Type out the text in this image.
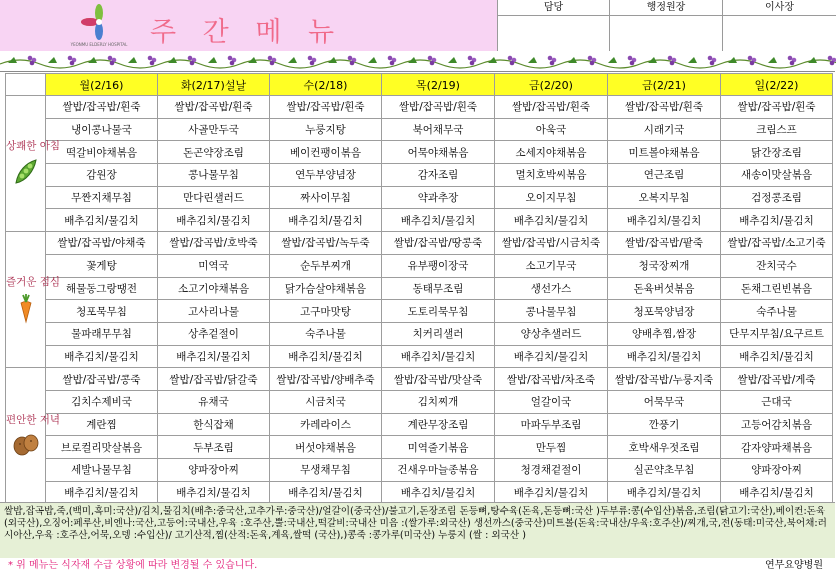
YEONMU ELDERLY HOSPITAL 주 간 메 뉴
담당	행정원장	이사장
	월(2/16)	화(2/17)설날	수(2/18)	목(2/19)	금(2/20)	금(2/21)	일(2/22)

상쾌한 아침	쌀밥/잡곡밥/흰죽	쌀밥/잡곡밥/흰죽	쌀밥/잡곡밥/흰죽	쌀밥/잡곡밥/흰죽	쌀밥/잡곡밥/흰죽	쌀밥/잡곡밥/흰죽	쌀밥/잡곡밥/흰죽
	냉이콩나물국	사골만두국	누룽지탕	북어채무국	아욱국	시래기국	크림스프
	떡갈비야채볶음	돈곤약장조림	베이컨팽이볶음	어묵야채볶음	소세지야채볶음	미트볼야채볶음	닭간장조림
	감원장	콩나물무침	연두부양념장	감자조림	멸치호박씨볶음	연근조림	새송이맛살볶음
	무짠지채무침	만다린샐러드	짜사이무침	약과추장	오이지무침	오복지무침	검정콩조림
	배추김치/물김치	배추김치/물김치	배추김치/물김치	배추김치/물김치	배추김치/물김치	배추김치/물김치	배추김치/물김치

즐거운 점심	쌀밥/잡곡밥/야채죽	쌀밥/잡곡밥/호박죽	쌀밥/잡곡밥/녹두죽	쌀밥/잡곡밥/땅콩죽	쌀밥/잡곡밥/시금치죽	쌀밥/잡곡밥/팥죽	쌀밥/잡곡밥/소고기죽
	꽃게탕	미역국	순두부찌개	유부팽이장국	소고기무국	청국장찌개	잔치국수
	해물동그랑땡전	소고기야채볶음	닭가슴살야채볶음	동태무조림	생선가스	돈육버섯볶음	돈채그린빈볶음
	청포묵무침	고사리나물	고구마맛탕	도토리묵무침	콩나물무침	청포묵양념장	숙주나물
	물파래무무침	상추겉절이	숙주나물	치커리샐러	양상추샐러드	양배추찜,쌈장	단무지무침/요구르트
	배추김치/물김치	배추김치/물김치	배추김치/물김치	배추김치/물김치	배추김치/물김치	배추김치/물김치	배추김치/물김치

편안한 저녁	쌀밥/잡곡밥/콩죽	쌀밥/잡곡밥/닭갈죽	쌀밥/잡곡밥/양배추죽	쌀밥/잡곡밥/맛살죽	쌀밥/잡곡밥/차조죽	쌀밥/잡곡밥/누룽지죽	쌀밥/잡곡밥/게죽
	김치수제비국	유채국	시금치국	김치찌개	얼갈이국	어묵무국	근대국
	계란찜	한식잡채	카레라이스	계란무장조림	마파두부조림	깐풍기	고등어감치볶음
	브로컬리맛살볶음	두부조림	버섯야채볶음	미역줄기볶음	만두찜	호박새우젓조림	감자양파채볶음
	세발나물무침	양파장아찌	무생채무침	건새우마늘종볶음	청경채겉절이	실곤약초무침	양파장아찌
	배추김치/물김치	배추김치/물김치	배추김치/물김치	배추김치/물김치	배추김치/물김치	배추김치/물김치	배추김치/물김치
쌀밥,잡곡밥,죽,(백미,흑미:국산)/김치,물김치(배추:중국산,고추가루:중국산)/얼갈이(중국산)/불고기,돈장조림 돈등뼈,탕수육(돈육,돈등뼈:국산 )두부류:콩(수입산)볶음,조림(닭고기:국산),베이컨:돈육(외국산),오징어:페루산,비엔나:국산,고등어:국내산,우육 :호주산,뿔:국내산,떡갈비:국내산 미음 :(쌀가루:외국산) 생선까스(중국산)미트볼(돈육:국내산/우육:호주산)/찌개,국,전(동태:미국산,북어채:러시아산,우육 :호주산,어묵,오뎅 :수입산)/ 고기산적,찜(산적:돈육,계육,쌀떡 (국산),)콩죽 :콩가루(미국산) 누룽지 (쌀 : 외국산 )
* 위 메뉴는 식자재 수급 상황에 따라 변경될 수 있습니다.	연무요양병원
